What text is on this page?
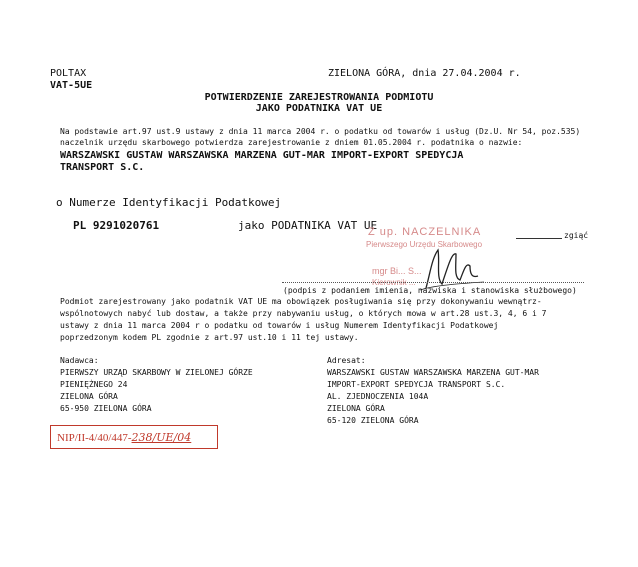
POLTAX
VAT-5UE
ZIELONA GÓRA, dnia 27.04.2004 r.
POTWIERDZENIE ZAREJESTROWANIA PODMIOTU
JAKO PODATNIKA VAT UE
Na podstawie art.97 ust.9 ustawy z dnia 11 marca 2004 r. o podatku od towarów i usług (Dz.U. Nr 54, poz.535)
naczelnik urzędu skarbowego potwierdza zarejestrowanie z dniem 01.05.2004 r. podatnika o nazwie:
WARSZAWSKI GUSTAW WARSZAWSKA MARZENA GUT-MAR IMPORT-EXPORT SPEDYCJA
TRANSPORT S.C.
o Numerze Identyfikacji Podatkowej
PL 9291020761	jako PODATNIKA VAT UE
zgiąć
Z up. NACZELNIKA
Pierwszego Urzędu Skarbowego
mgr Bi... S...
Kierownik ...
(podpis z podaniem imienia, nazwiska i stanowiska służbowego)
Podmiot zarejestrowany jako podatnik VAT UE ma obowiązek posługiwania się przy dokonywaniu wewnątrz-
wspólnotowych nabyć lub dostaw, a także przy nabywaniu usług, o których mowa w art.28 ust.3, 4, 6 i 7
ustawy z dnia 11 marca 2004 r o podatku od towarów i usług Numerem Identyfikacji Podatkowej
poprzedzonym kodem PL zgodnie z art.97 ust.10 i 11 tej ustawy.
Nadawca:
PIERWSZY URZĄD SKARBOWY W ZIELONEJ GÓRZE
PIENIĘŻNEGO 24
ZIELONA GÓRA
65-950 ZIELONA GÓRA
Adresat:
WARSZAWSKI GUSTAW WARSZAWSKA MARZENA GUT-MAR
IMPORT-EXPORT SPEDYCJA TRANSPORT S.C.
AL. ZJEDNOCZENIA 104A
ZIELONA GÓRA
65-120 ZIELONA GÓRA
NIP/II-4/40/447-238/UE/04
